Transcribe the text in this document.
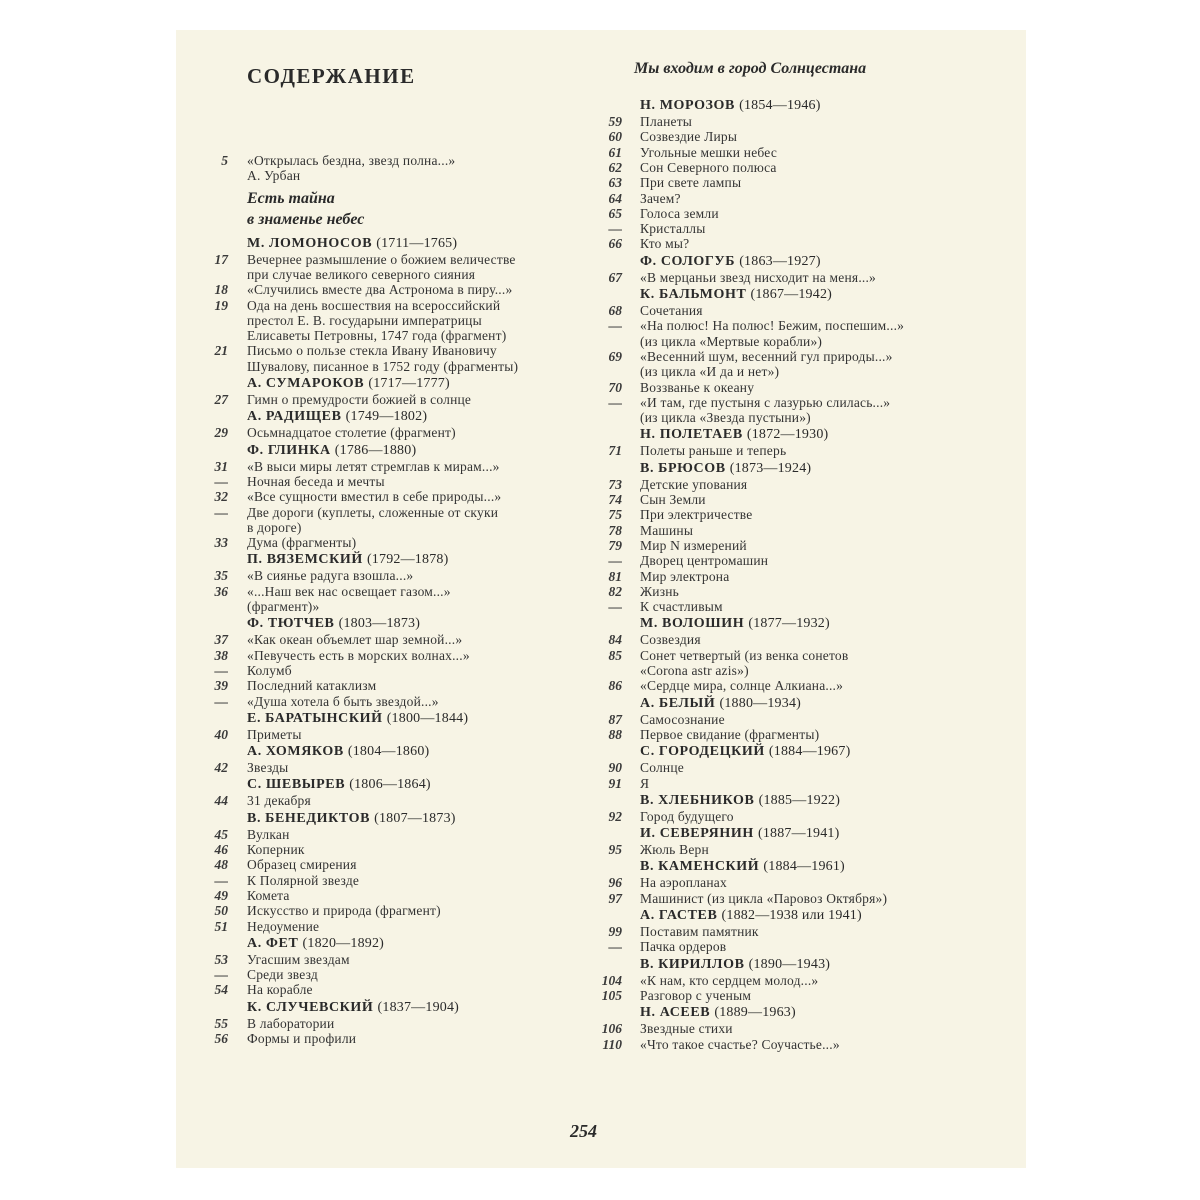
СОДЕРЖАНИЕ
5 «Открылась бездна, звезд полна...»
А. Урбан
Есть тайна
в знаменье небес
М. ЛОМОНОСОВ (1711—1765)
17 Вечернее размышление о божием величестве
при случае великого северного сияния
18 «Случились вместе два Астронома в пиру...»
19 Ода на день восшествия на всероссийский
престол Е. В. государыни императрицы
Елисаветы Петровны, 1747 года (фрагмент)
21 Письмо о пользе стекла Ивану Ивановичу
Шувалову, писанное в 1752 году (фрагменты)
А. СУМАРОКОВ (1717—1777)
27 Гимн о премудрости божией в солнце
А. РАДИЩЕВ (1749—1802)
29 Осьмнадцатое столетие (фрагмент)
Ф. ГЛИНКА (1786—1880)
31 «В выси миры летят стремглав к мирам...»
— Ночная беседа и мечты
32 «Все сущности вместил в себе природы...»
— Две дороги (куплеты, сложенные от скуки
в дороге)
33 Дума (фрагменты)
П. ВЯЗЕМСКИЙ (1792—1878)
35 «В сиянье радуга взошла...»
36 «...Наш век нас освещает газом...»
(фрагмент)»
Ф. ТЮТЧЕВ (1803—1873)
37 «Как океан объемлет шар земной...»
38 «Певучесть есть в морских волнах...»
— Колумб
39 Последний катаклизм
— «Душа хотела б быть звездой...»
Е. БАРАТЫНСКИЙ (1800—1844)
40 Приметы
А. ХОМЯКОВ (1804—1860)
42 Звезды
С. ШЕВЫРЕВ (1806—1864)
44 31 декабря
В. БЕНЕДИКТОВ (1807—1873)
45 Вулкан
46 Коперник
48 Образец смирения
— К Полярной звезде
49 Комета
50 Искусство и природа (фрагмент)
51 Недоумение
А. ФЕТ (1820—1892)
53 Угасшим звездам
— Среди звезд
54 На корабле
К. СЛУЧЕВСКИЙ (1837—1904)
55 В лаборатории
56 Формы и профили
Мы входим в город Солнцестана
Н. МОРОЗОВ (1854—1946)
59 Планеты
60 Созвездие Лиры
61 Угольные мешки небес
62 Сон Северного полюса
63 При свете лампы
64 Зачем?
65 Голоса земли
— Кристаллы
66 Кто мы?
Ф. СОЛОГУБ (1863—1927)
67 «В мерцаньи звезд нисходит на меня...»
К. БАЛЬМОНТ (1867—1942)
68 Сочетания
— «На полюс! На полюс! Бежим, поспешим...»
(из цикла «Мертвые корабли»)
69 «Весенний шум, весенний гул природы...»
(из цикла «И да и нет»)
70 Воззванье к океану
— «И там, где пустыня с лазурью слилась...»
(из цикла «Звезда пустыни»)
Н. ПОЛЕТАЕВ (1872—1930)
71 Полеты раньше и теперь
В. БРЮСОВ (1873—1924)
73 Детские упования
74 Сын Земли
75 При электричестве
78 Машины
79 Мир N измерений
— Дворец центромашин
81 Мир электрона
82 Жизнь
— К счастливым
М. ВОЛОШИН (1877—1932)
84 Созвездия
85 Сонет четвертый (из венка сонетов
«Corona astr azis»)
86 «Сердце мира, солнце Алкиана...»
А. БЕЛЫЙ (1880—1934)
87 Самосознание
88 Первое свидание (фрагменты)
С. ГОРОДЕЦКИЙ (1884—1967)
90 Солнце
91 Я
В. ХЛЕБНИКОВ (1885—1922)
92 Город будущего
И. СЕВЕРЯНИН (1887—1941)
95 Жюль Верн
В. КАМЕНСКИЙ (1884—1961)
96 На аэропланах
97 Машинист (из цикла «Паровоз Октября»)
А. ГАСТЕВ (1882—1938 или 1941)
99 Поставим памятник
— Пачка ордеров
В. КИРИЛЛОВ (1890—1943)
104 «К нам, кто сердцем молод...»
105 Разговор с ученым
Н. АСЕЕВ (1889—1963)
106 Звездные стихи
110 «Что такое счастье? Соучастье...»
254
